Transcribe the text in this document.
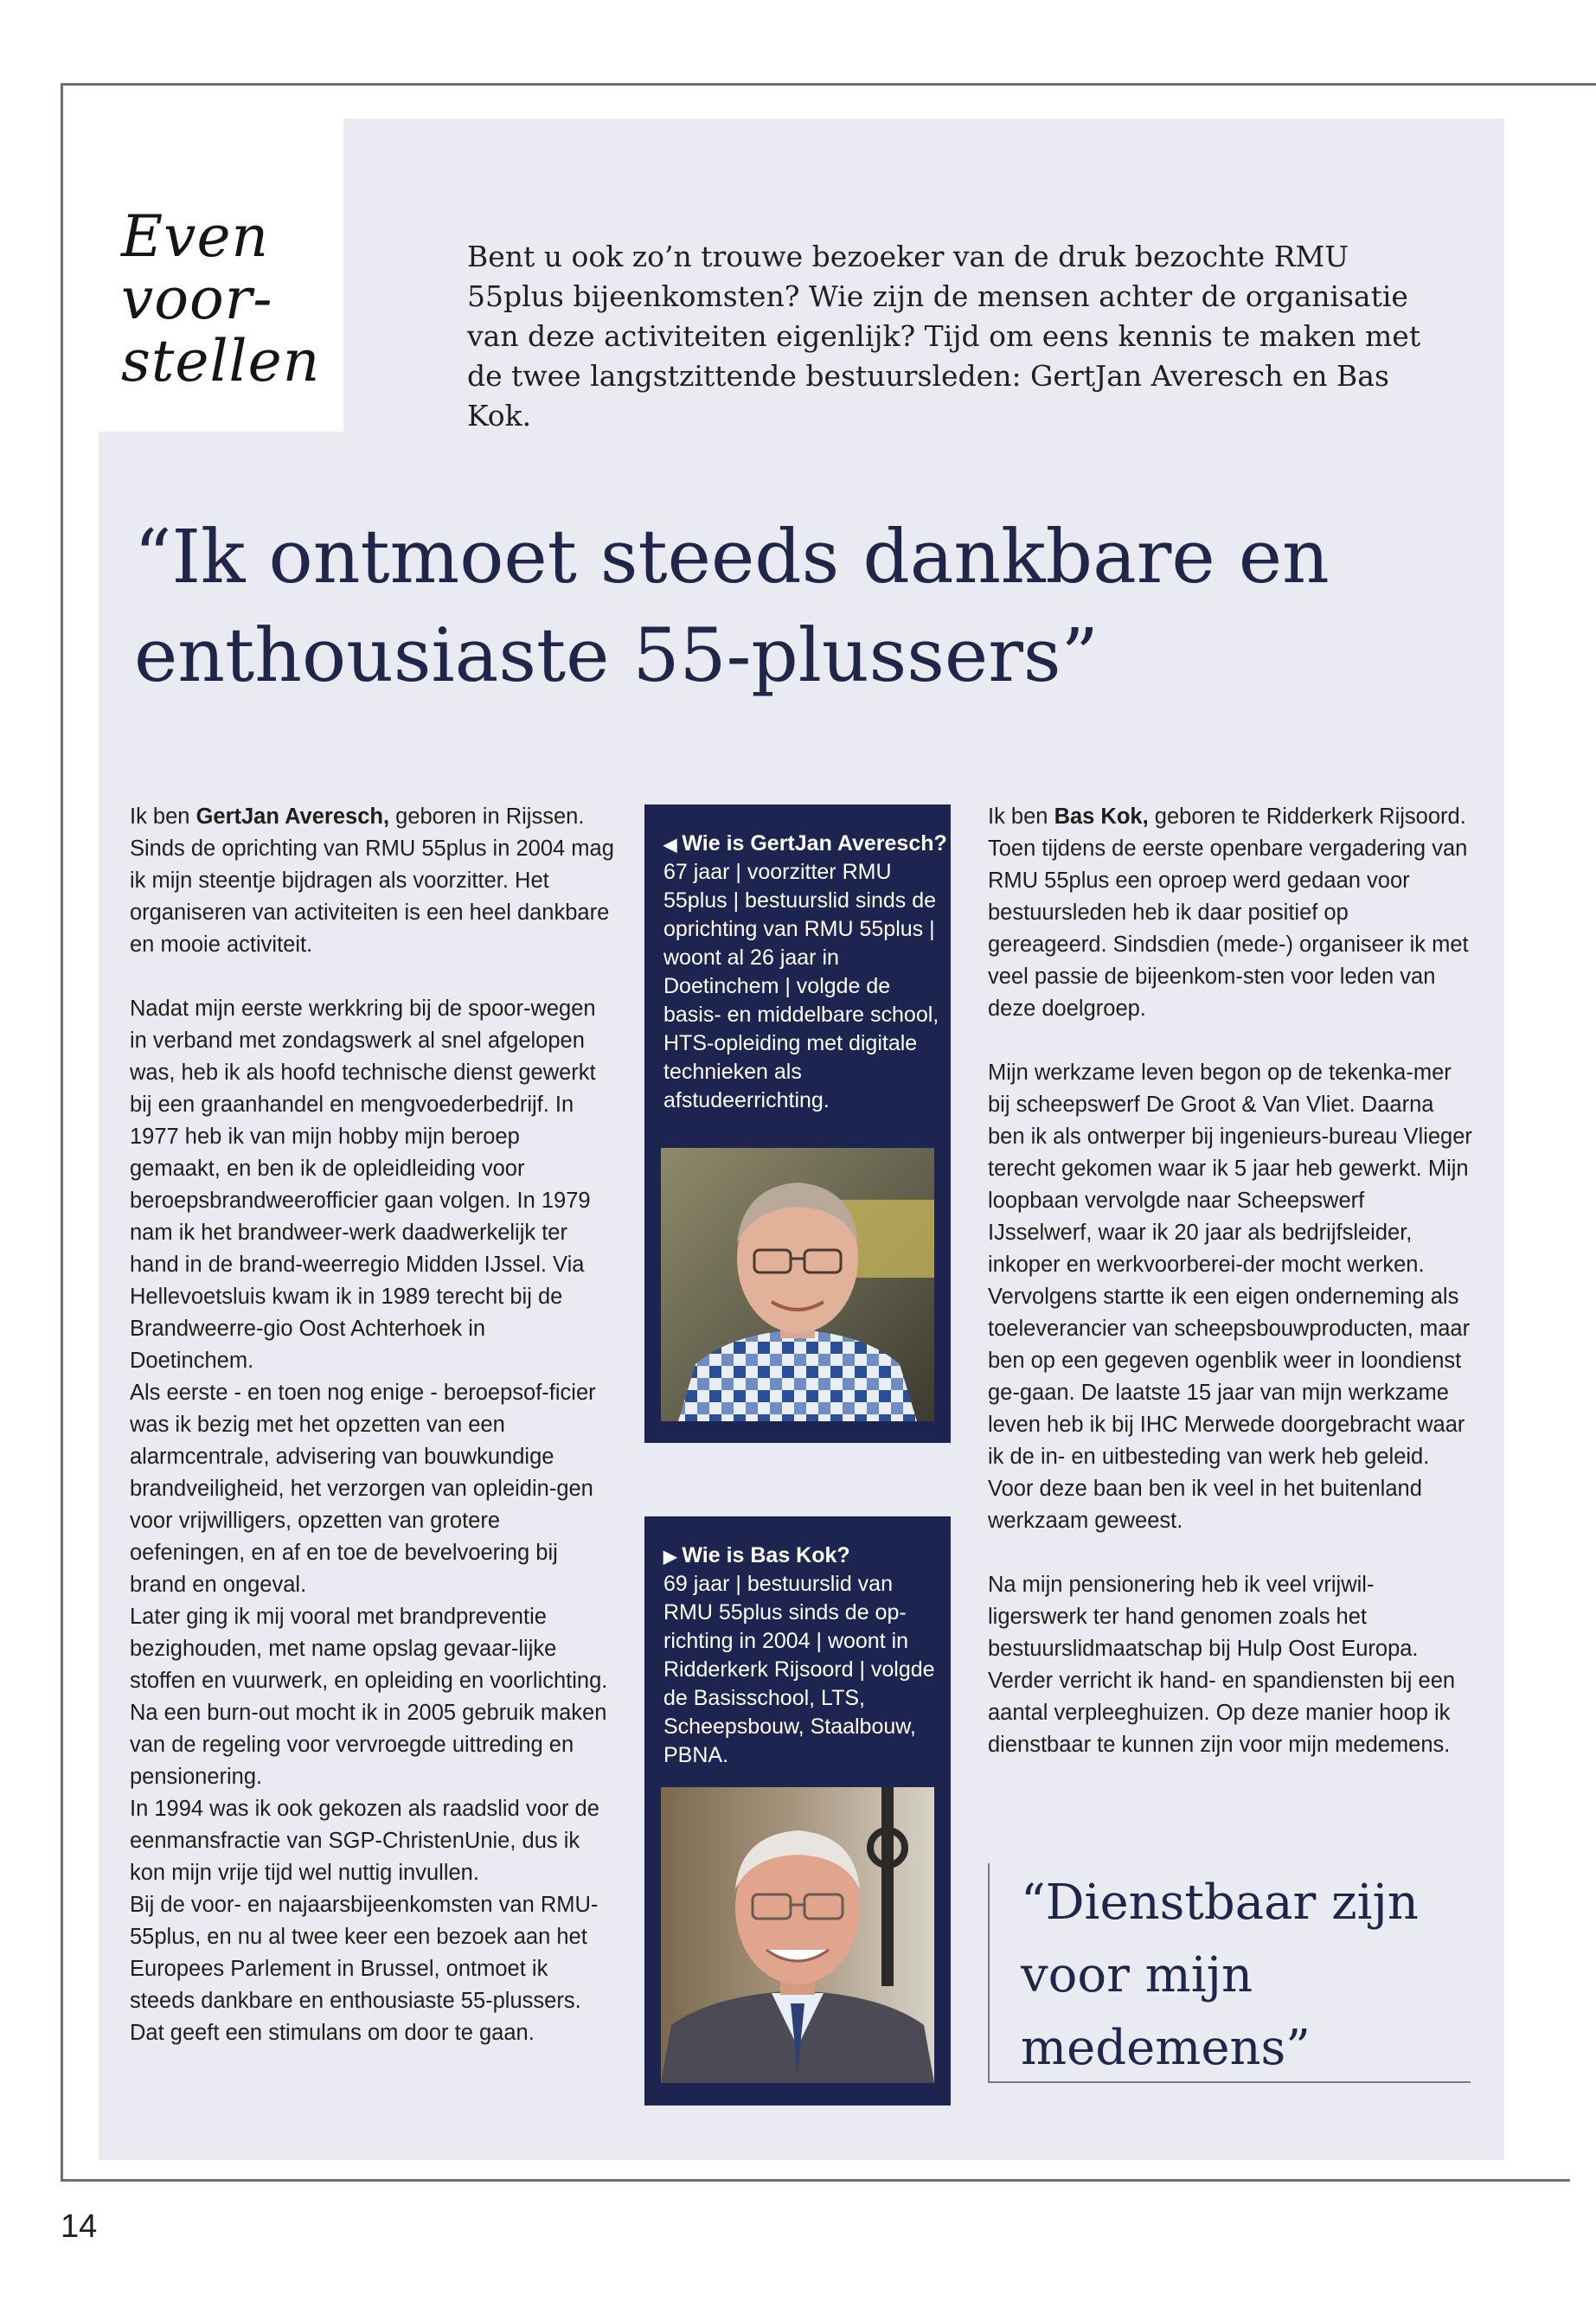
Even
voor-
stellen
Bent u ook zo’n trouwe bezoeker van de druk bezochte RMU 55plus bijeenkomsten? Wie zijn de mensen achter de organisatie van deze activiteiten eigenlijk? Tijd om eens kennis te maken met de twee langstzittende bestuursleden: GertJan Averesch en Bas Kok.
“Ik ontmoet steeds dankbare en enthousiaste 55-plussers”

Ik ben GertJan Averesch, geboren in Rijssen. Sinds de oprichting van RMU 55plus in 2004 mag ik mijn steentje bijdragen als voorzitter. Het organiseren van activiteiten is een heel dankbare en mooie activiteit.

Nadat mijn eerste werkkring bij de spoor-wegen in verband met zondagswerk al snel afgelopen was, heb ik als hoofd technische dienst gewerkt bij een graanhandel en mengvoederbedrijf. In 1977 heb ik van mijn hobby mijn beroep gemaakt, en ben ik de opleidleiding voor beroepsbrandweerofficier gaan volgen. In 1979 nam ik het brandweer-werk daadwerkelijk ter hand in de brand-weerregio Midden IJssel. Via Hellevoetsluis kwam ik in 1989 terecht bij de Brandweerre-gio Oost Achterhoek in Doetinchem.

Als eerste - en toen nog enige - beroepsof-ficier was ik bezig met het opzetten van een alarmcentrale, advisering van bouwkundige brandveiligheid, het verzorgen van opleidin-gen voor vrijwilligers, opzetten van grotere oefeningen, en af en toe de bevelvoering bij brand en ongeval.

Later ging ik mij vooral met brandpreventie bezighouden, met name opslag gevaar-lijke stoffen en vuurwerk, en opleiding en voorlichting. Na een burn-out mocht ik in 2005 gebruik maken van de regeling voor vervroegde uittreding en pensionering.

In 1994 was ik ook gekozen als raadslid voor de eenmansfractie van SGP-ChristenUnie, dus ik kon mijn vrije tijd wel nuttig invullen.

Bij de voor- en najaarsbijeenkomsten van RMU-55plus, en nu al twee keer een bezoek aan het Europees Parlement in Brussel, ontmoet ik steeds dankbare en enthousiaste 55-plussers. Dat geeft een stimulans om door te gaan.

◀ Wie is GertJan Averesch?
67 jaar | voorzitter RMU 55plus | bestuurslid sinds de oprichting van RMU 55plus | woont al 26 jaar in Doetinchem | volgde de basis- en middelbare school, HTS-opleiding met digitale technieken als afstudeerrichting.
▶ Wie is Bas Kok?
69 jaar | bestuurslid van RMU 55plus sinds de op-richting in 2004 | woont in Ridderkerk Rijsoord | volgde de Basisschool, LTS, Scheepsbouw, Staalbouw, PBNA.

Ik ben Bas Kok, geboren te Ridderkerk Rijsoord. Toen tijdens de eerste openbare vergadering van RMU 55plus een oproep werd gedaan voor bestuursleden heb ik daar positief op gereageerd. Sindsdien (mede-) organiseer ik met veel passie de bijeenkom-sten voor leden van deze doelgroep.

Mijn werkzame leven begon op de tekenka-mer bij scheepswerf De Groot & Van Vliet. Daarna ben ik als ontwerper bij ingenieurs-bureau Vlieger terecht gekomen waar ik 5 jaar heb gewerkt. Mijn loopbaan vervolgde naar Scheepswerf IJsselwerf, waar ik 20 jaar als bedrijfsleider, inkoper en werkvoorberei-der mocht werken. Vervolgens startte ik een eigen onderneming als toeleverancier van scheepsbouwproducten, maar ben op een gegeven ogenblik weer in loondienst ge-gaan. De laatste 15 jaar van mijn werkzame leven heb ik bij IHC Merwede doorgebracht waar ik de in- en uitbesteding van werk heb geleid. Voor deze baan ben ik veel in het buitenland werkzaam geweest.

Na mijn pensionering heb ik veel vrijwil-ligerswerk ter hand genomen zoals het bestuurslidmaatschap bij Hulp Oost Europa. Verder verricht ik hand- en spandiensten bij een aantal verpleeghuizen. Op deze manier hoop ik dienstbaar te kunnen zijn voor mijn medemens.

“Dienstbaar zijn voor mijn medemens”
14
